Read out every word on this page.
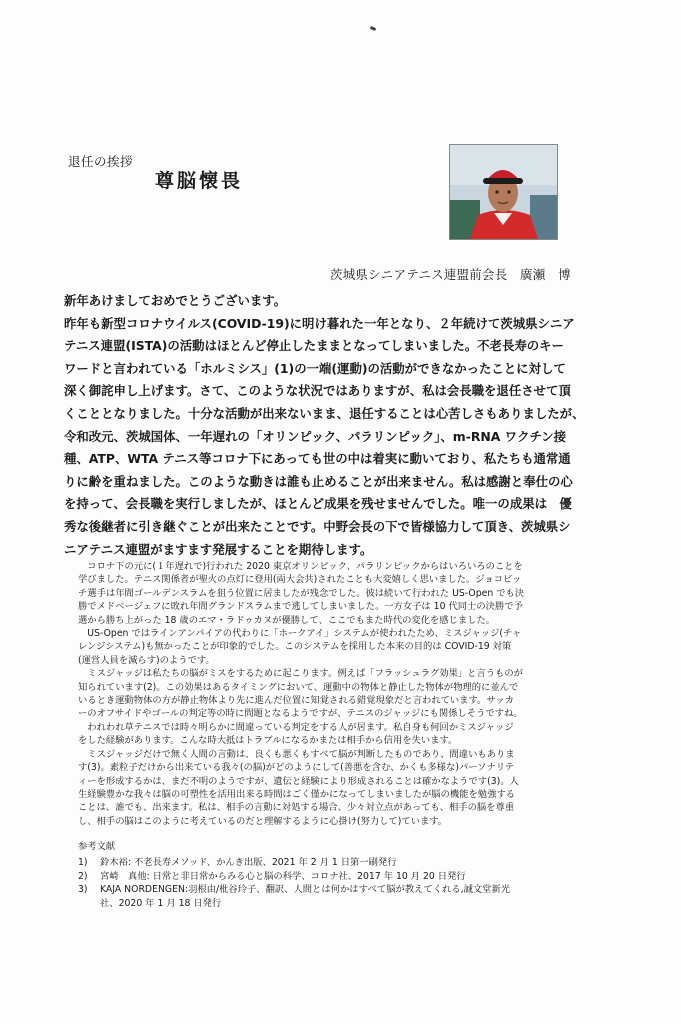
退任の挨拶
尊脳懐畏
茨城県シニアテニス連盟前会長　廣瀬　博

新年あけましておめでとうございます。

昨年も新型コロナウイルス(COVID-19)に明け暮れた一年となり、２年続けて茨城県シニア

テニス連盟(ISTA)の活動はほとんど停止したままとなってしまいました。不老長寿のキー

ワードと言われている「ホルミシス」(1)の一端(運動)の活動ができなかったことに対して

深く御詫申し上げます。さて、このような状況ではありますが、私は会長職を退任させて頂

くこととなりました。十分な活動が出来ないまま、退任することは心苦しさもありましたが、

令和改元、茨城国体、一年遅れの「オリンピック、パラリンピック」、m-RNA ワクチン接

種、ATP、WTA テニス等コロナ下にあっても世の中は着実に動いており、私たちも通常通

りに齢を重ねました。このような動きは誰も止めることが出来ません。私は感謝と奉仕の心

を持って、会長職を実行しましたが、ほとんど成果を残せませんでした。唯一の成果は　優

秀な後継者に引き継ぐことが出来たことです。中野会長の下で皆様協力して頂き、茨城県シ

ニアテニス連盟がますます発展することを期待します。

　コロナ下の元に(１年遅れで)行われた 2020 東京オリンピック、パラリンピックからはいろいろのことを

学びました。テニス関係者が聖火の点灯に登用(両大会共)されたことも大変嬉しく思いました。ジョコビッ

チ選手は年間ゴールデンスラムを狙う位置に居ましたが残念でした。彼は続いて行われた US-Open でも決

勝でメドベージェフに敗れ年間グランドスラムまで逃してしまいました。一方女子は 10 代同士の決勝で予

選から勝ち上がった 18 歳のエマ・ラドゥカヌが優勝して、ここでもまた時代の変化を感じました。

　US-Open ではラインアンパイアの代わりに「ホークアイ」システムが使われたため、ミスジャッジ(チャ

レンジシステム)も無かったことが印象的でした。このシステムを採用した本来の目的は COVID-19 対策

(運営人員を減らす)のようです。

　ミスジャッジは私たちの脳がミスをするために起こります。例えば「フラッシュラグ効果」と言うものが

知られています(2)。この効果はあるタイミングにおいて、運動中の物体と静止した物体が物理的に並んで

いるとき運動物体の方が静止物体より先に進んだ位置に知覚される錯覚現象だと言われています。サッカ

ーのオフサイドやゴールの判定等の時に問題となるようですが、テニスのジャッジにも関係しそうですね。

　われわれ草テニスでは時々明らかに間違っている判定をする人が居ます。私自身も何回かミスジャッジ

をした経験があります。こんな時大抵はトラブルになるかまたは相手から信用を失います。

　ミスジャッジだけで無く人間の言動は、良くも悪くもすべて脳が判断したものであり、間違いもありま

す(3)。素粒子だけから出来ている我々(の脳)がどのようにして(善悪を含む、かくも多様な)パーソナリテ

ィーを形成するかは、まだ不明のようですが、遺伝と経験により形成されることは確かなようです(3)。人

生経験豊かな我々は脳の可塑性を活用出来る時間はごく僅かになってしまいましたが脳の機能を勉強する

ことは、誰でも、出来ます。私は、相手の言動に対処する場合、少々対立点があっても、相手の脳を尊重

し、相手の脳はこのように考えているのだと理解するように心掛け(努力して)ています。

参考文献

1)	鈴木裕: 不老長寿メソッド、かんき出版、2021 年 2 月 1 日第一刷発行
2)	宮崎　真他: 日常と非日常からみる心と脳の科学、コロナ社、2017 年 10 月 20 日発行
3)	KAJA NORDENGEN:羽根由/枇谷玲子、翻訳、人間とは何かはすべて脳が教えてくれる,誠文堂新光
社、2020 年 1 月 18 日発行
